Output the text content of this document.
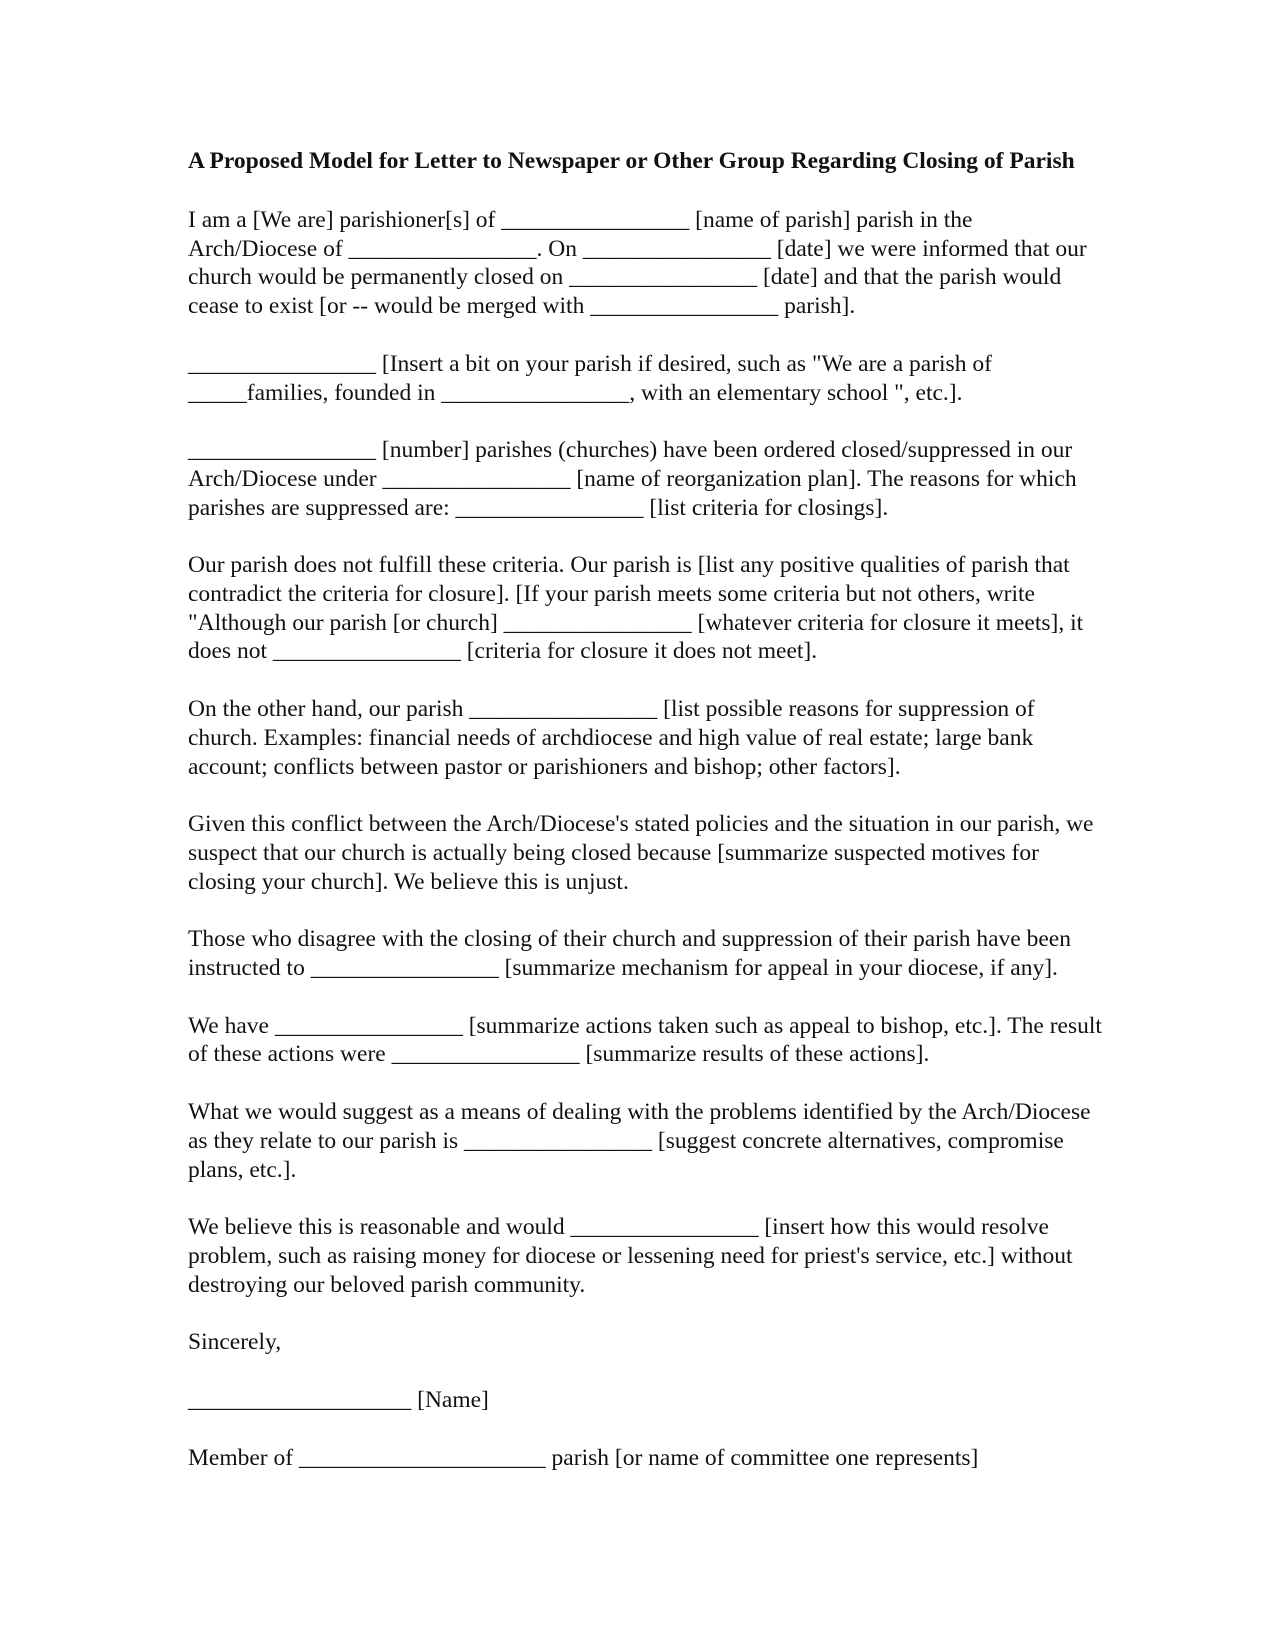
A Proposed Model for Letter to Newspaper or Other Group Regarding Closing of Parish
I am a [We are] parishioner[s] of ________________ [name of parish] parish in the
Arch/Diocese of ________________. On ________________ [date] we were informed that our
church would be permanently closed on ________________ [date] and that the parish would
cease to exist [or -- would be merged with ________________ parish].
________________ [Insert a bit on your parish if desired, such as "We are a parish of
_____families, founded in ________________, with an elementary school ", etc.].
________________ [number] parishes (churches) have been ordered closed/suppressed in our
Arch/Diocese under ________________ [name of reorganization plan]. The reasons for which
parishes are suppressed are: ________________ [list criteria for closings].
Our parish does not fulfill these criteria. Our parish is [list any positive qualities of parish that
contradict the criteria for closure]. [If your parish meets some criteria but not others, write
"Although our parish [or church] ________________ [whatever criteria for closure it meets], it
does not ________________ [criteria for closure it does not meet].
On the other hand, our parish ________________ [list possible reasons for suppression of
church. Examples: financial needs of archdiocese and high value of real estate; large bank
account; conflicts between pastor or parishioners and bishop; other factors].
Given this conflict between the Arch/Diocese's stated policies and the situation in our parish, we
suspect that our church is actually being closed because [summarize suspected motives for
closing your church]. We believe this is unjust.
Those who disagree with the closing of their church and suppression of their parish have been
instructed to ________________ [summarize mechanism for appeal in your diocese, if any].
We have ________________ [summarize actions taken such as appeal to bishop, etc.]. The result
of these actions were ________________ [summarize results of these actions].
What we would suggest as a means of dealing with the problems identified by the Arch/Diocese
as they relate to our parish is ________________ [suggest concrete alternatives, compromise
plans, etc.].
We believe this is reasonable and would ________________ [insert how this would resolve
problem, such as raising money for diocese or lessening need for priest's service, etc.] without
destroying our beloved parish community.
Sincerely,
___________________ [Name]
Member of _____________________ parish [or name of committee one represents]
